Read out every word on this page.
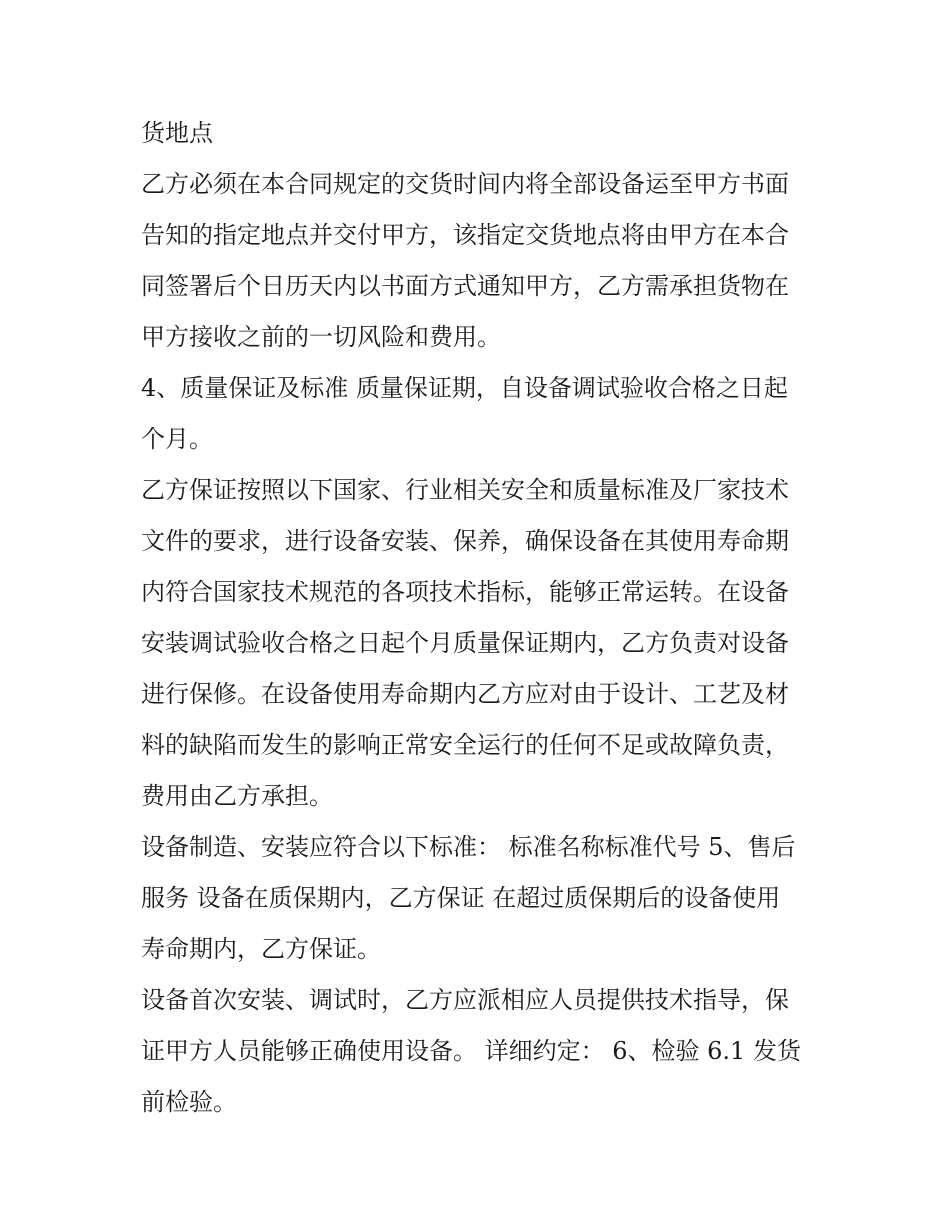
货地点
乙方必须在本合同规定的交货时间内将全部设备运至甲方书面
告知的指定地点并交付甲方，该指定交货地点将由甲方在本合
同签署后个日历天内以书面方式通知甲方，乙方需承担货物在
甲方接收之前的一切风险和费用。
4、质量保证及标准 质量保证期，自设备调试验收合格之日起
个月。
乙方保证按照以下国家、行业相关安全和质量标准及厂家技术
文件的要求，进行设备安装、保养，确保设备在其使用寿命期
内符合国家技术规范的各项技术指标，能够正常运转。在设备
安装调试验收合格之日起个月质量保证期内，乙方负责对设备
进行保修。在设备使用寿命期内乙方应对由于设计、工艺及材
料的缺陷而发生的影响正常安全运行的任何不足或故障负责，
费用由乙方承担。
设备制造、安装应符合以下标准： 标准名称标准代号 5、售后
服务 设备在质保期内，乙方保证 在超过质保期后的设备使用
寿命期内，乙方保证。
设备首次安装、调试时，乙方应派相应人员提供技术指导，保
证甲方人员能够正确使用设备。 详细约定： 6、检验 6.1 发货
前检验。
